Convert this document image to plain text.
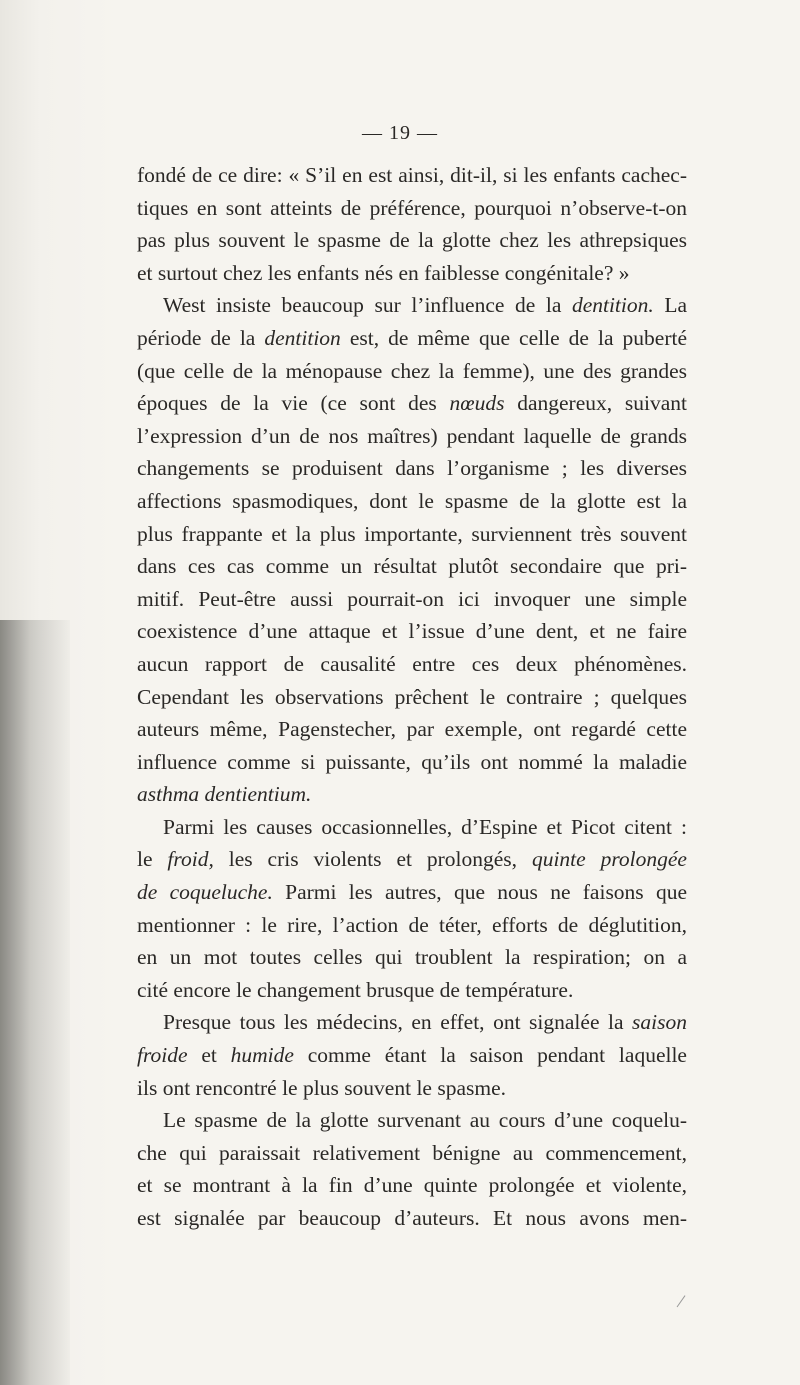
— 19 —
fondé de ce dire: « S’il en est ainsi, dit-il, si les enfants cachec-
tiques en sont atteints de préférence, pourquoi n’observe-t-on
pas plus souvent le spasme de la glotte chez les athrepsiques
et surtout chez les enfants nés en faiblesse congénitale? »
West insiste beaucoup sur l’influence de la dentition. La
période de la dentition est, de même que celle de la puberté
(que celle de la ménopause chez la femme), une des grandes
époques de la vie (ce sont des nœuds dangereux, suivant
l’expression d’un de nos maîtres) pendant laquelle de grands
changements se produisent dans l’organisme ; les diverses
affections spasmodiques, dont le spasme de la glotte est la
plus frappante et la plus importante, surviennent très souvent
dans ces cas comme un résultat plutôt secondaire que pri-
mitif. Peut-être aussi pourrait-on ici invoquer une simple
coexistence d’une attaque et l’issue d’une dent, et ne faire
aucun rapport de causalité entre ces deux phénomènes.
Cependant les observations prêchent le contraire ; quelques
auteurs même, Pagenstecher, par exemple, ont regardé cette
influence comme si puissante, qu’ils ont nommé la maladie
asthma dentientium.
Parmi les causes occasionnelles, d’Espine et Picot citent :
le froid, les cris violents et prolongés, quinte prolongée
de coqueluche. Parmi les autres, que nous ne faisons que
mentionner : le rire, l’action de téter, efforts de déglutition,
en un mot toutes celles qui troublent la respiration; on a
cité encore le changement brusque de température.
Presque tous les médecins, en effet, ont signalée la saison
froide et humide comme étant la saison pendant laquelle
ils ont rencontré le plus souvent le spasme.
Le spasme de la glotte survenant au cours d’une coquelu-
che qui paraissait relativement bénigne au commencement,
et se montrant à la fin d’une quinte prolongée et violente,
est signalée par beaucoup d’auteurs. Et nous avons men-
